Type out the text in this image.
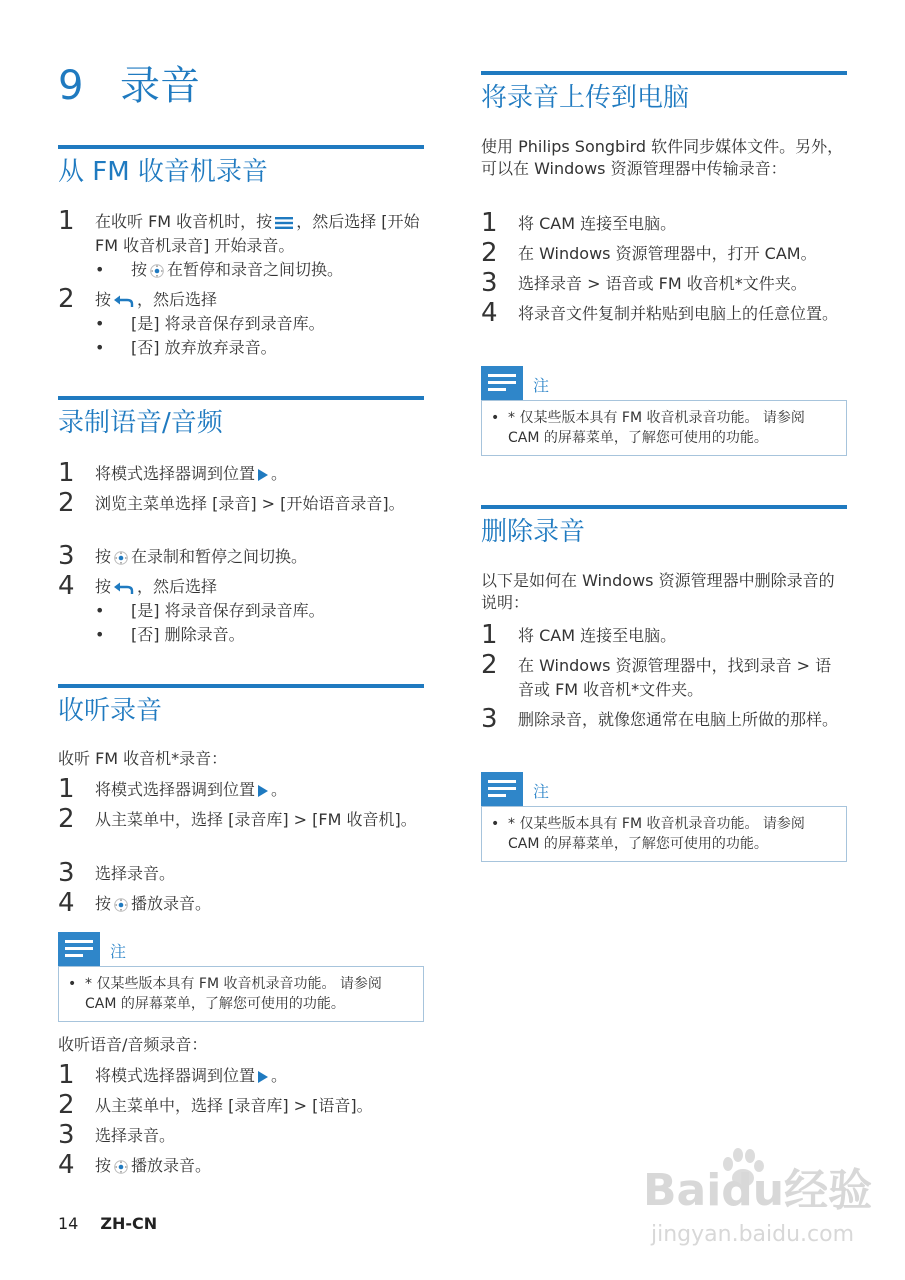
9 录音
从 FM 收音机录音
1 在收听 FM 收音机时，按 ，然后选择 [开始 FM 收音机录音] 开始录音。
• 按 在暂停和录音之间切换。
2 按 ，然后选择
• [是] 将录音保存到录音库。
• [否] 放弃放弃录音。
录制语音/音频
1 将模式选择器调到位置 。
2 浏览主菜单选择 [录音] > [开始语音录音]。
3 按 在录制和暂停之间切换。
4 按 ，然后选择
• [是] 将录音保存到录音库。
• [否] 删除录音。
收听录音
收听 FM 收音机*录音：
1 将模式选择器调到位置 。
2 从主菜单中，选择 [录音库] > [FM 收音机]。
3 选择录音。
4 按 播放录音。
注
• * 仅某些版本具有 FM 收音机录音功能。 请参阅 CAM 的屏幕菜单，了解您可使用的功能。
收听语音/音频录音：
1 将模式选择器调到位置 。
2 从主菜单中，选择 [录音库] > [语音]。
3 选择录音。
4 按 播放录音。
将录音上传到电脑
使用 Philips Songbird 软件同步媒体文件。另外，可以在 Windows 资源管理器中传输录音：
1 将 CAM 连接至电脑。
2 在 Windows 资源管理器中，打开 CAM。
3 选择录音 > 语音或 FM 收音机*文件夹。
4 将录音文件复制并粘贴到电脑上的任意位置。
注
• * 仅某些版本具有 FM 收音机录音功能。 请参阅 CAM 的屏幕菜单，了解您可使用的功能。
删除录音
以下是如何在 Windows 资源管理器中删除录音的说明：
1 将 CAM 连接至电脑。
2 在 Windows 资源管理器中，找到录音 > 语音或 FM 收音机*文件夹。
3 删除录音，就像您通常在电脑上所做的那样。
注
• * 仅某些版本具有 FM 收音机录音功能。 请参阅 CAM 的屏幕菜单，了解您可使用的功能。
14 ZH-CN
Baidu经验
jingyan.baidu.com
